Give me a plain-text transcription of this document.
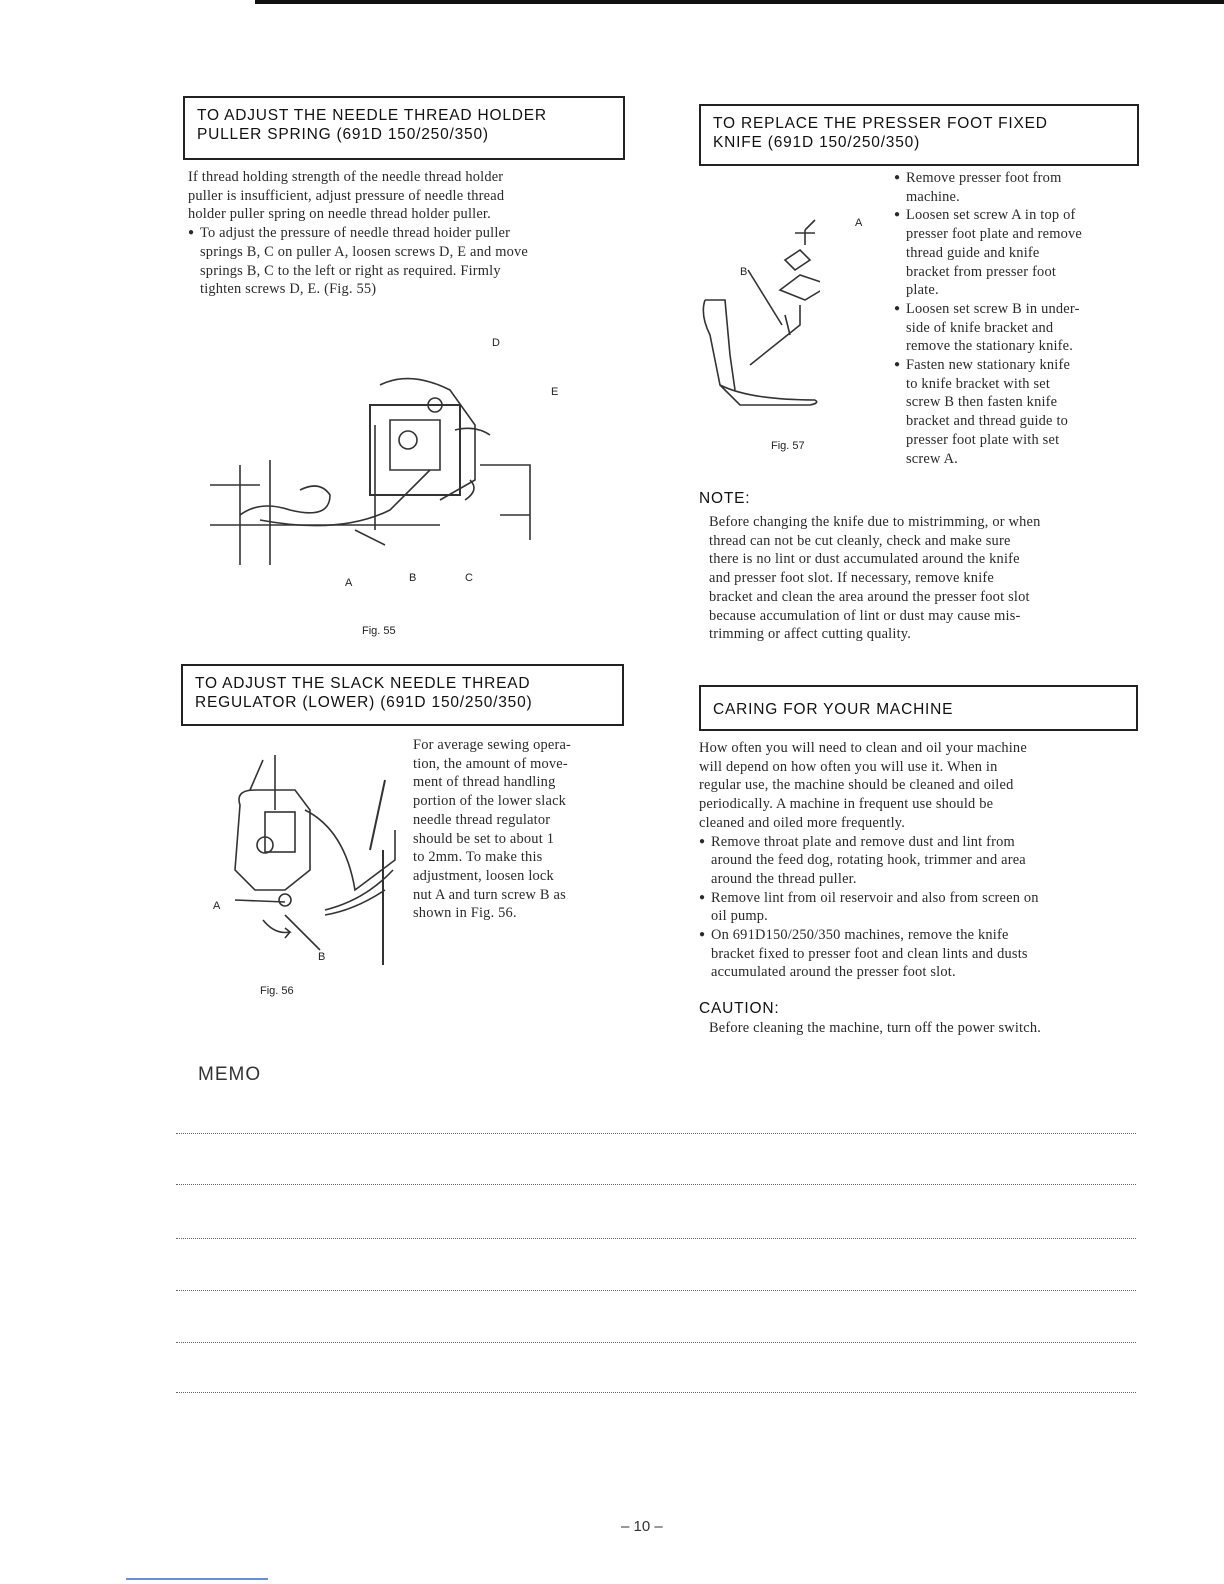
TO ADJUST THE NEEDLE THREAD HOLDER
PULLER SPRING (691D 150/250/350)
If thread holding strength of the needle thread holder
puller is insufficient, adjust pressure of needle thread
holder puller spring on needle thread holder puller.
● To adjust the pressure of needle thread hoider puller
springs B, C on puller A, loosen screws D, E and move
springs B, C to the left or right as required. Firmly
tighten screws D, E. (Fig. 55)
D
E
A	B	C
Fig. 55
TO ADJUST THE SLACK NEEDLE THREAD
REGULATOR (LOWER) (691D 150/250/350)
A
B
Fig. 56
For average sewing opera-
tion, the amount of move-
ment of thread handling
portion of the lower slack
needle thread regulator
should be set to about 1
to 2mm. To make this
adjustment, loosen lock
nut A and turn screw B as
shown in Fig. 56.
TO REPLACE THE PRESSER FOOT FIXED
KNIFE (691D 150/250/350)
A
B
Fig. 57
● Remove presser foot from
machine.
● Loosen set screw A in top of
presser foot plate and remove
thread guide and knife
bracket from presser foot
plate.
● Loosen set screw B in under-
side of knife bracket and
remove the stationary knife.
● Fasten new stationary knife
to knife bracket with set
screw B then fasten knife
bracket and thread guide to
presser foot plate with set
screw A.
NOTE:
Before changing the knife due to mistrimming, or when
thread can not be cut cleanly, check and make sure
there is no lint or dust accumulated around the knife
and presser foot slot. If necessary, remove knife
bracket and clean the area around the presser foot slot
because accumulation of lint or dust may cause mis-
trimming or affect cutting quality.
CARING FOR YOUR MACHINE
How often you will need to clean and oil your machine
will depend on how often you will use it. When in
regular use, the machine should be cleaned and oiled
periodically. A machine in frequent use should be
cleaned and oiled more frequently.
● Remove throat plate and remove dust and lint from
around the feed dog, rotating hook, trimmer and area
around the thread puller.
● Remove lint from oil reservoir and also from screen on
oil pump.
● On 691D150/250/350 machines, remove the knife
bracket fixed to presser foot and clean lints and dusts
accumulated around the presser foot slot.
CAUTION:
Before cleaning the machine, turn off the power switch.
MEMO
– 10 –
